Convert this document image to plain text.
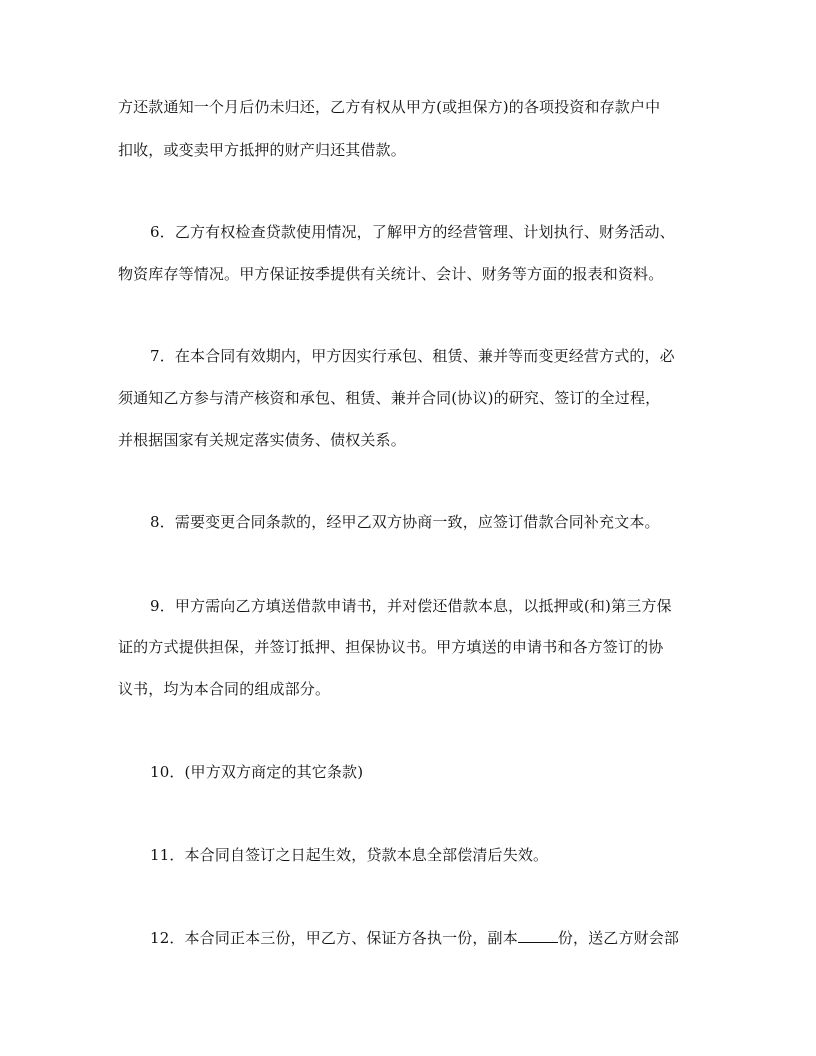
方还款通知一个月后仍未归还，乙方有权从甲方(或担保方)的各项投资和存款户中
扣收，或变卖甲方抵押的财产归还其借款。
6．乙方有权检查贷款使用情况，了解甲方的经营管理、计划执行、财务活动、
物资库存等情况。甲方保证按季提供有关统计、会计、财务等方面的报表和资料。
7．在本合同有效期内，甲方因实行承包、租赁、兼并等而变更经营方式的，必
须通知乙方参与清产核资和承包、租赁、兼并合同(协议)的研究、签订的全过程，
并根据国家有关规定落实债务、债权关系。
8．需要变更合同条款的，经甲乙双方协商一致，应签订借款合同补充文本。
9．甲方需向乙方填送借款申请书，并对偿还借款本息，以抵押或(和)第三方保
证的方式提供担保，并签订抵押、担保协议书。甲方填送的申请书和各方签订的协
议书，均为本合同的组成部分。
10．(甲方双方商定的其它条款)
11．本合同自签订之日起生效，贷款本息全部偿清后失效。
12．本合同正本三份，甲乙方、保证方各执一份，副本	份，送乙方财会部
